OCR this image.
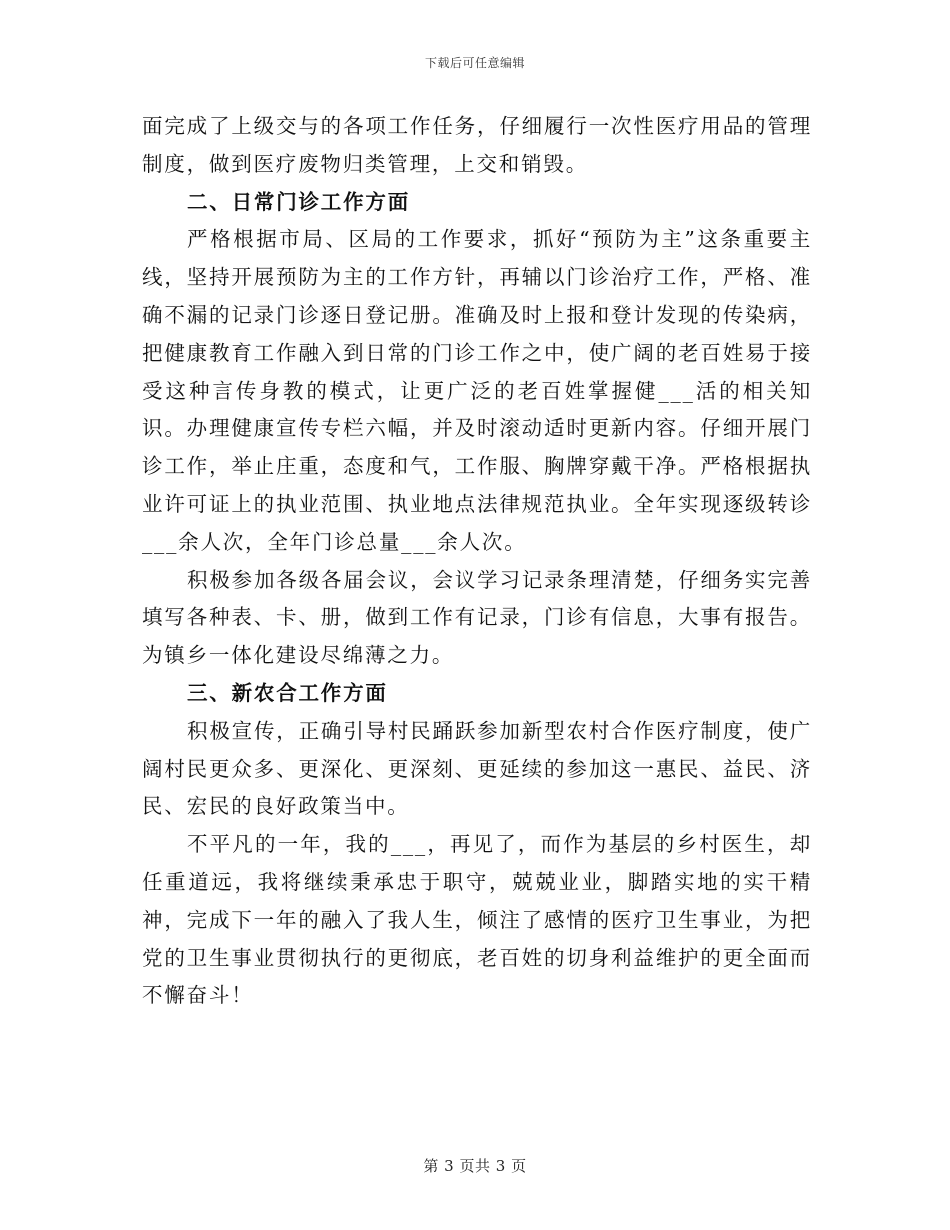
下载后可任意编辑

面完成了上级交与的各项工作任务，仔细履行一次性医疗用品的管理制度，做到医疗废物归类管理，上交和销毁。

二、日常门诊工作方面

严格根据市局、区局的工作要求，抓好“预防为主”这条重要主线，坚持开展预防为主的工作方针，再辅以门诊治疗工作，严格、准确不漏的记录门诊逐日登记册。准确及时上报和登计发现的传染病，把健康教育工作融入到日常的门诊工作之中，使广阔的老百姓易于接受这种言传身教的模式，让更广泛的老百姓掌握健___活的相关知识。办理健康宣传专栏六幅，并及时滚动适时更新内容。仔细开展门诊工作，举止庄重，态度和气，工作服、胸牌穿戴干净。严格根据执业许可证上的执业范围、执业地点法律规范执业。全年实现逐级转诊___余人次，全年门诊总量___余人次。

积极参加各级各届会议，会议学习记录条理清楚，仔细务实完善填写各种表、卡、册，做到工作有记录，门诊有信息，大事有报告。为镇乡一体化建设尽绵薄之力。

三、新农合工作方面

积极宣传，正确引导村民踊跃参加新型农村合作医疗制度，使广阔村民更众多、更深化、更深刻、更延续的参加这一惠民、益民、济民、宏民的良好政策当中。

不平凡的一年，我的___，再见了，而作为基层的乡村医生，却任重道远，我将继续秉承忠于职守，兢兢业业，脚踏实地的实干精神，完成下一年的融入了我人生，倾注了感情的医疗卫生事业，为把党的卫生事业贯彻执行的更彻底，老百姓的切身利益维护的更全面而不懈奋斗！

第 3 页共 3 页
